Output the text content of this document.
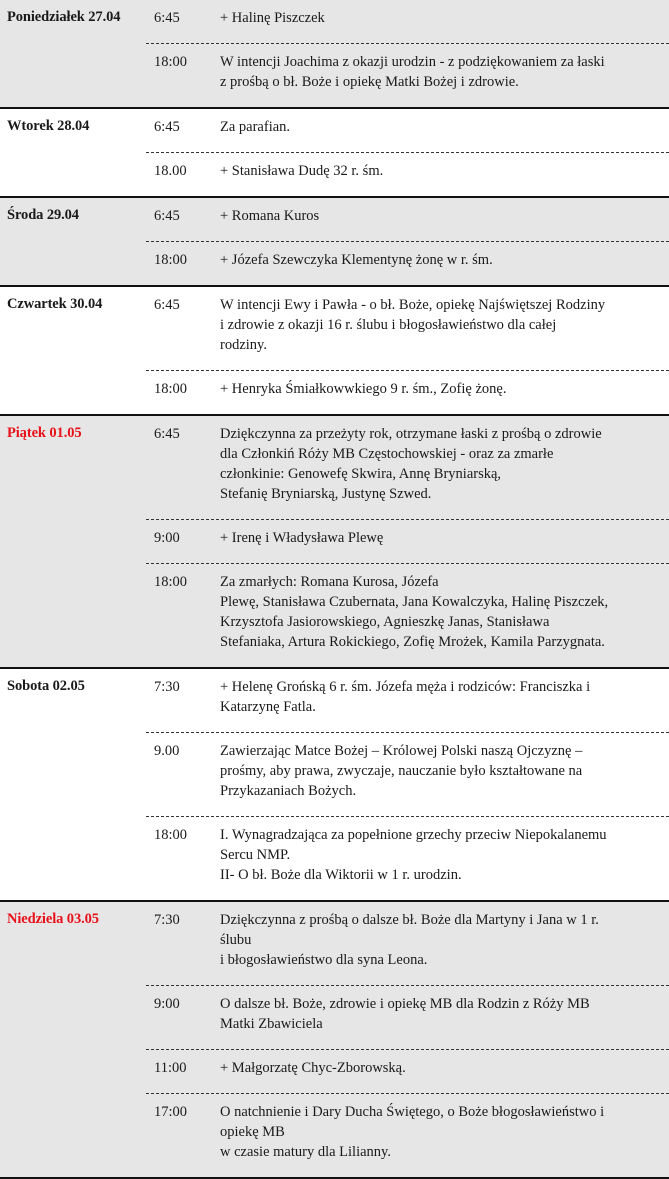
Poniedziałek 27.04	6:45	+ Halinę Piszczek
18:00	W intencji Joachima z okazji urodzin - z podziękowaniem za łaski
z prośbą o bł. Boże i opiekę Matki Bożej i zdrowie.
Wtorek 28.04	6:45	Za parafian.
18.00	+ Stanisława Dudę 32 r. śm.
Środa 29.04	6:45	+ Romana Kuros
18:00	+ Józefa Szewczyka Klementynę żonę w r. śm.
Czwartek 30.04	6:45	W intencji Ewy i Pawła - o bł. Boże, opiekę Najświętszej Rodziny
i zdrowie z okazji 16 r. ślubu i błogosławieństwo dla całej
rodziny.
18:00	+ Henryka Śmiałkowwkiego 9 r. śm., Zofię żonę.
Piątek 01.05	6:45	Dziękczynna za przeżyty rok, otrzymane łaski z prośbą o zdrowie
dla Członkiń Róży MB Częstochowskiej - oraz za zmarłe
członkinie: Genowefę Skwira, Annę Bryniarską,
Stefanię Bryniarską, Justynę Szwed.
9:00	+ Irenę i Władysława Plewę
18:00	Za zmarłych: Romana Kurosa, Józefa
Plewę, Stanisława Czubernata, Jana Kowalczyka, Halinę Piszczek,
Krzysztofa Jasiorowskiego, Agnieszkę Janas, Stanisława
Stefaniaka, Artura Rokickiego, Zofię Mrożek, Kamila Parzygnata.
Sobota 02.05	7:30	+ Helenę Grońską 6 r. śm. Józefa męża i rodziców: Franciszka i
Katarzynę Fatla.
9.00	Zawierzając Matce Bożej – Królowej Polski naszą Ojczyznę –
prośmy, aby prawa, zwyczaje, nauczanie było kształtowane na
Przykazaniach Bożych.
18:00	I. Wynagradzająca za popełnione grzechy przeciw Niepokalanemu
Sercu NMP.
II- O bł. Boże dla Wiktorii w 1 r. urodzin.
Niedziela 03.05	7:30	Dziękczynna z prośbą o dalsze bł. Boże dla Martyny i Jana w 1 r.
ślubu
i błogosławieństwo dla syna Leona.
9:00	O dalsze bł. Boże, zdrowie i opiekę MB dla Rodzin z Róży MB
Matki Zbawiciela
11:00	+ Małgorzatę Chyc-Zborowską.
17:00	O natchnienie i Dary Ducha Świętego, o Boże błogosławieństwo i
opiekę MB
w czasie matury dla Lilianny.
